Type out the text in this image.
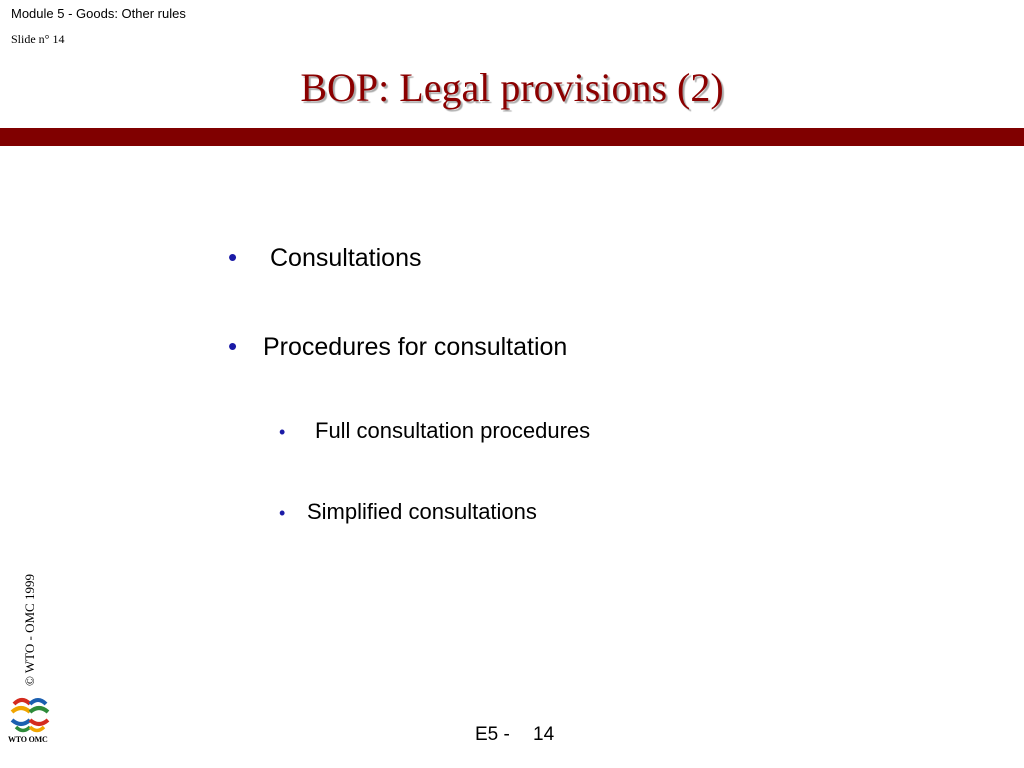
Module 5 - Goods: Other rules
Slide n° 14
BOP: Legal provisions (2)
•	Consultations
•	Procedures for consultation
•	Full consultation procedures
• Simplified consultations
© WTO - OMC 1999
WTO OMC	E5 - 14
